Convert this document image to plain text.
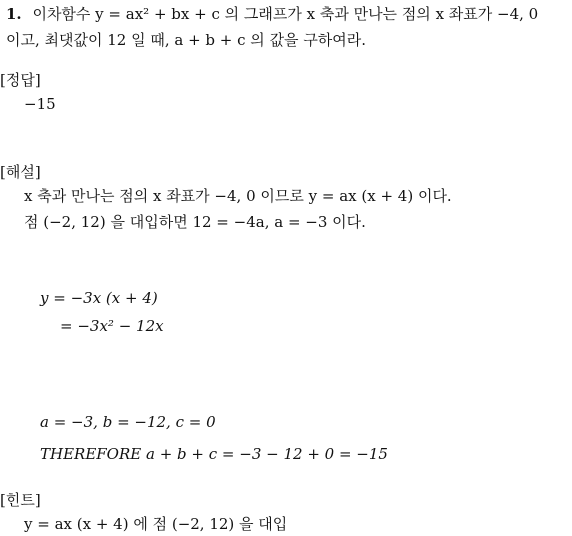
1. 이차함수 y = ax² + bx + c 의 그래프가 x 축과 만나는 점의 x 좌표가 −4, 0
이고, 최댓값이 12 일 때, a + b + c 의 값을 구하여라.
[정답]
−15
[해설]
x 축과 만나는 점의 x 좌표가 −4, 0 이므로 y = ax (x + 4) 이다.
점 (−2, 12) 을 대입하면 12 = −4a, a = −3 이다.
y = −3x (x + 4)
= −3x² − 12x
a = −3, b = −12, c = 0
THEREFORE a + b + c = −3 − 12 + 0 = −15
[힌트]
y = ax (x + 4) 에 점 (−2, 12) 을 대입
